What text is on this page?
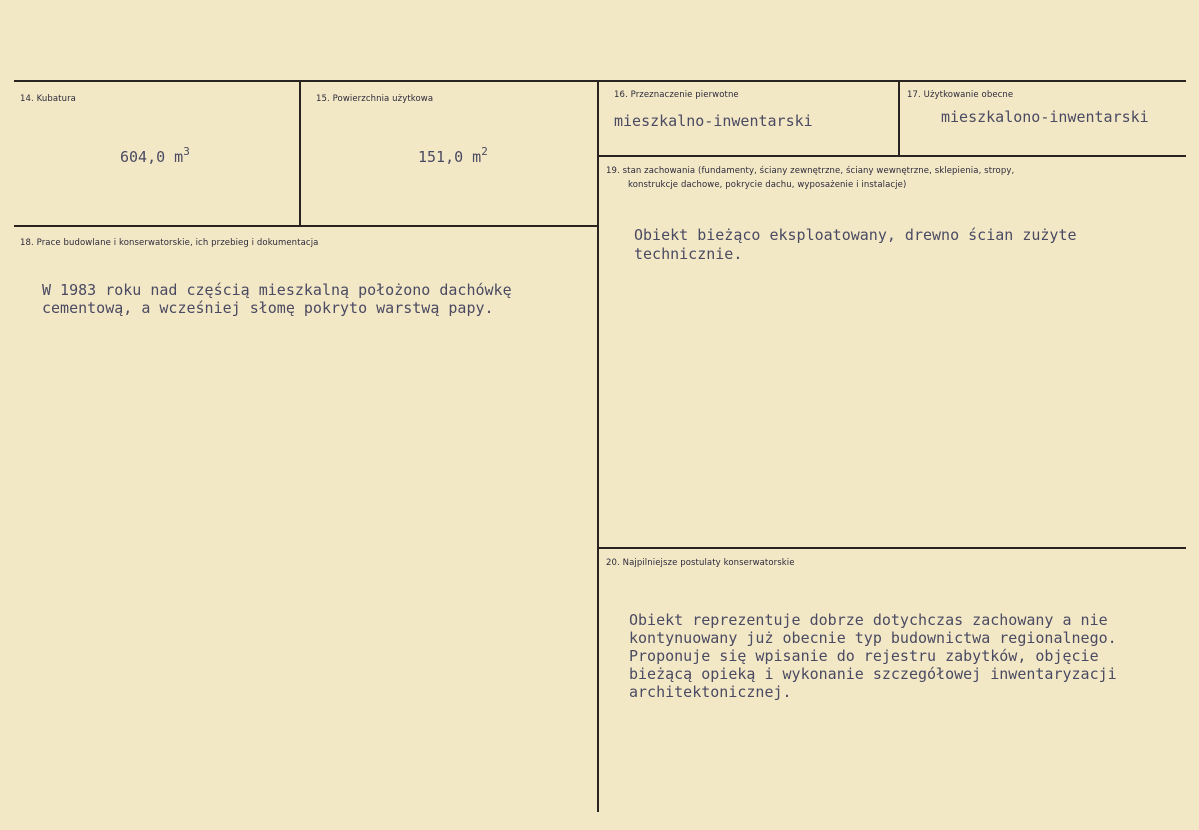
14. Kubatura
604,0 $m^3$
15. Powierzchnia użytkowa
151,0 $m^2$
16. Przeznaczenie pierwotne
mieszkalno-inwentarski
17. Użytkowanie obecne
mieszkalono-inwentarski
18. Prace budowlane i konserwatorskie, ich przebieg i dokumentacja
W 1983 roku nad częścią mieszkalną położono dachówkę
cementową, a wcześniej słomę pokryto warstwą papy.
19. stan zachowania (fundamenty, ściany zewnętrzne, ściany wewnętrzne, sklepienia, stropy,
konstrukcje dachowe, pokrycie dachu, wyposażenie i instalacje)
Obiekt bieżąco eksploatowany, drewno ścian zużyte
technicznie.
20. Najpilniejsze postulaty konserwatorskie
Obiekt reprezentuje dobrze dotychczas zachowany a nie
kontynuowany już obecnie typ budownictwa regionalnego.
Proponuje się wpisanie do rejestru zabytków, objęcie
bieżącą opieką i wykonanie szczegółowej inwentaryzacji
architektonicznej.
